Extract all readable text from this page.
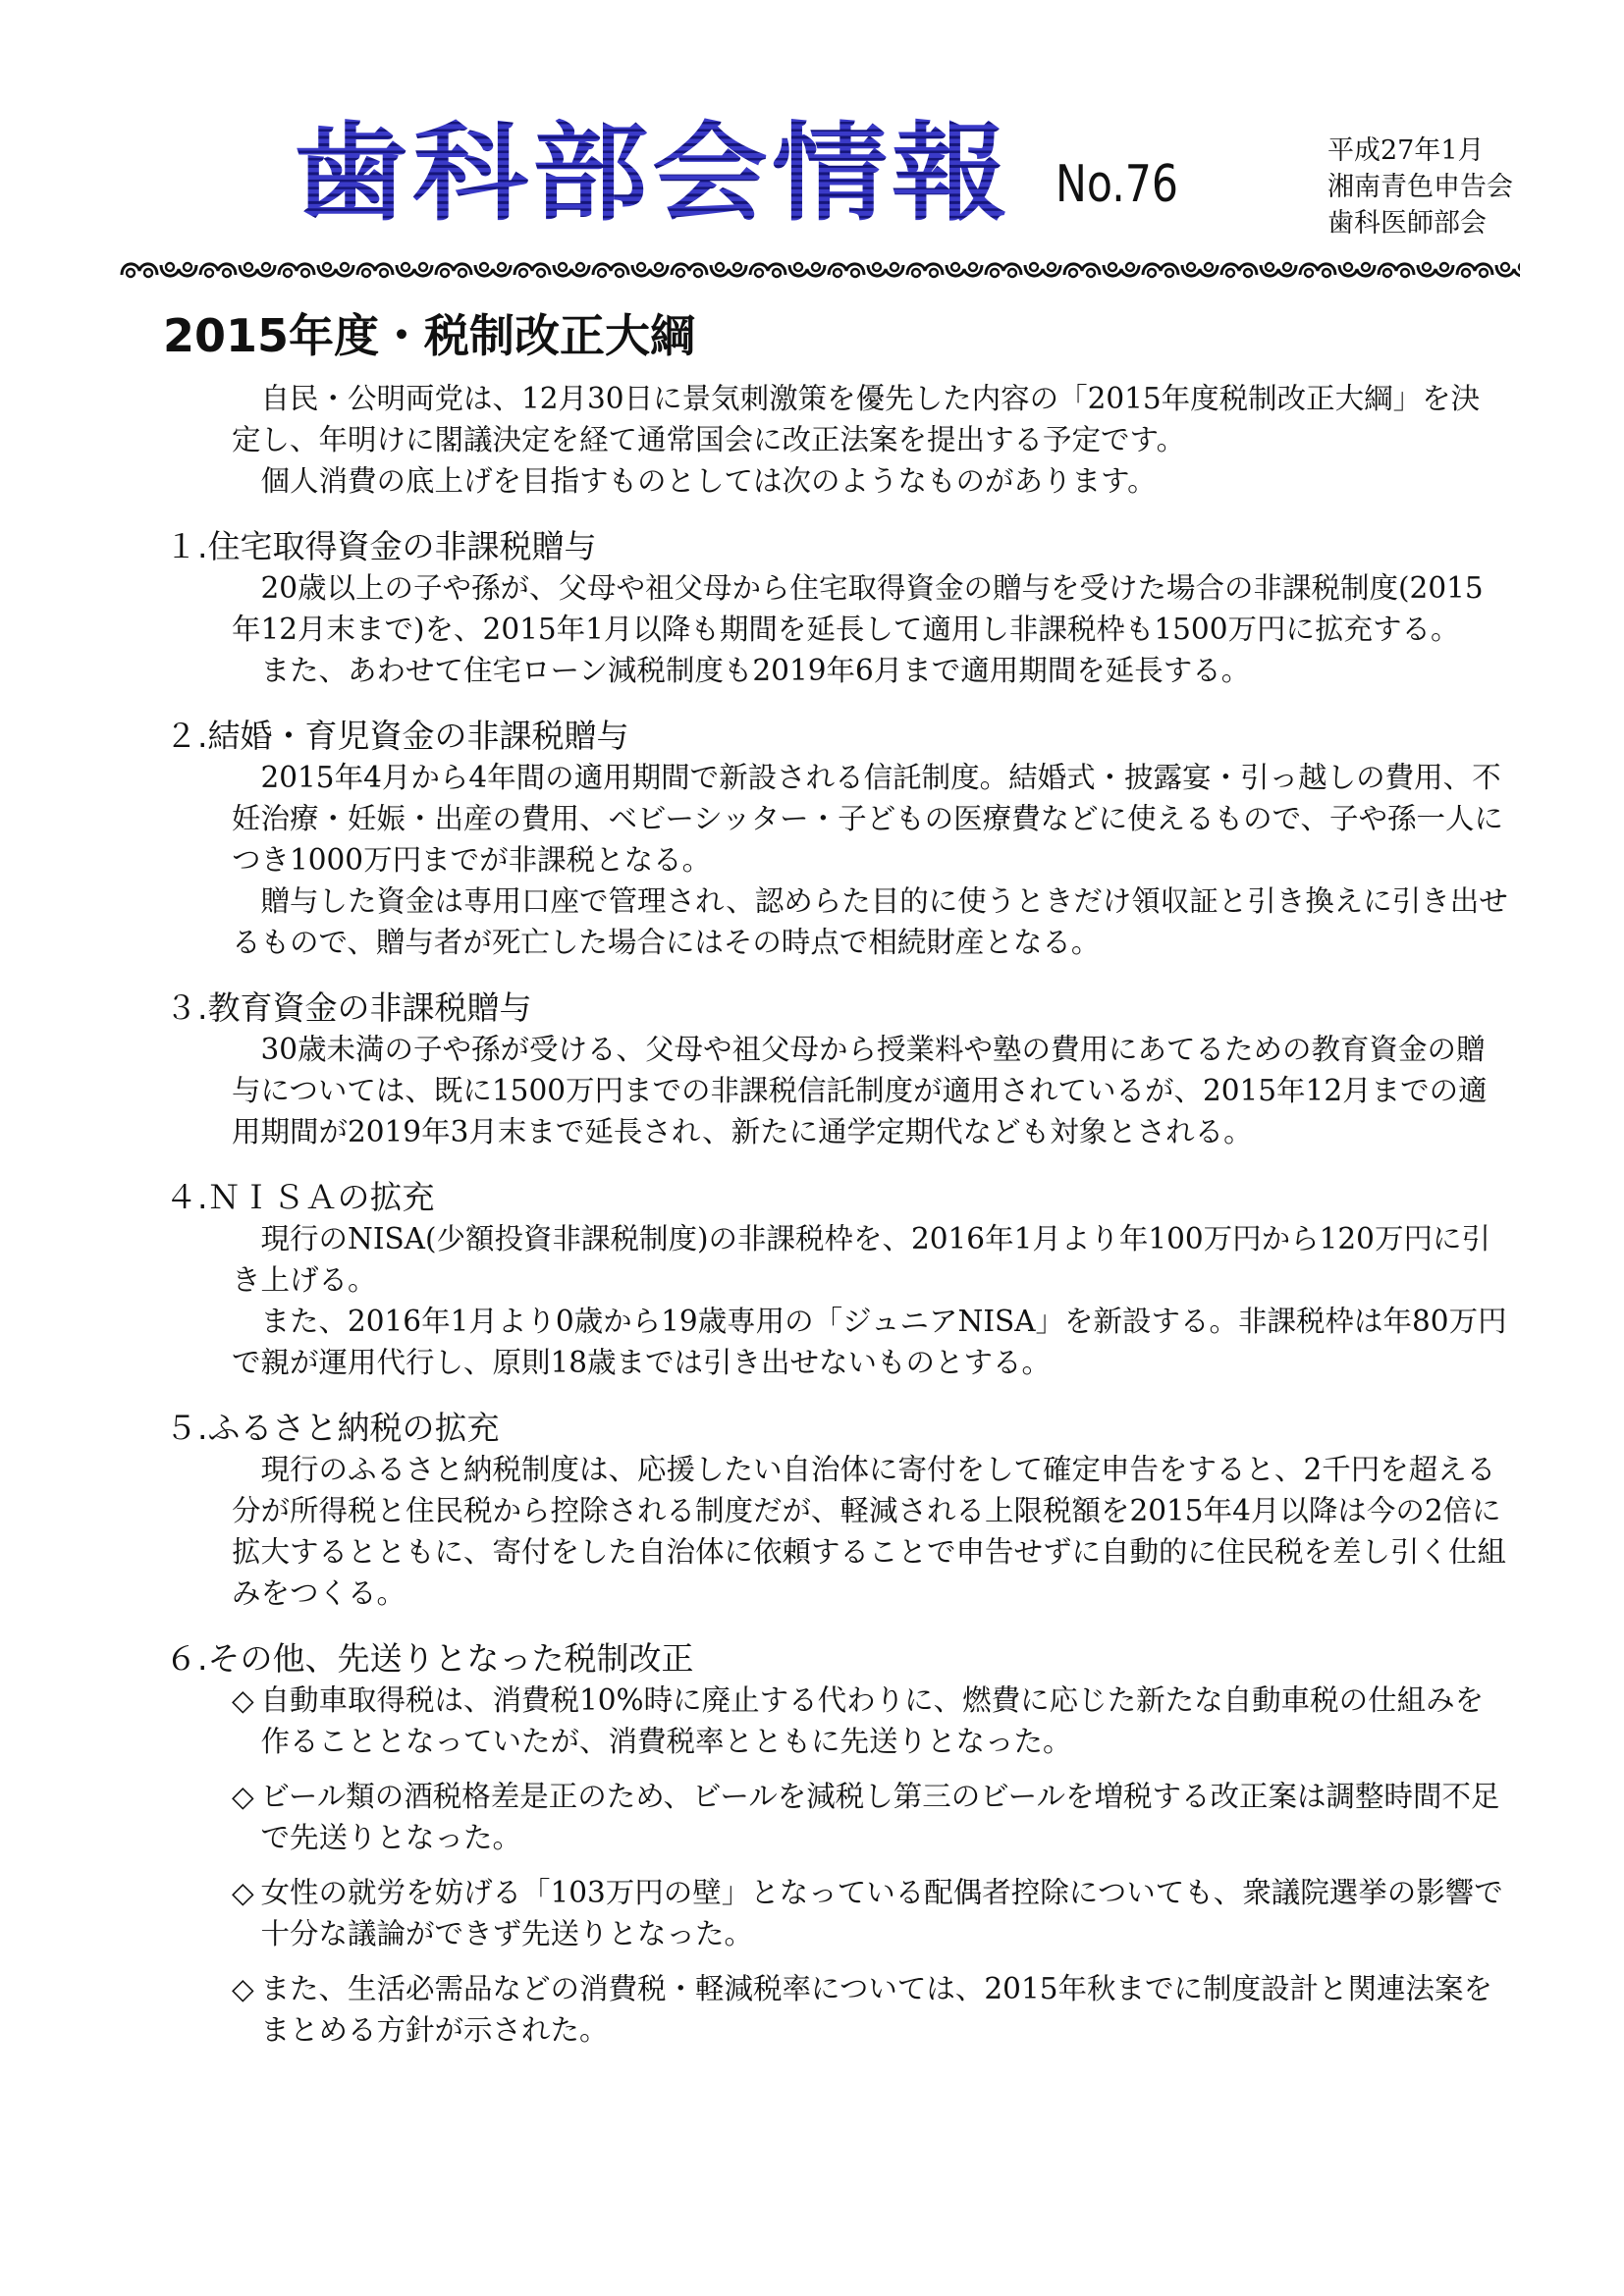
歯科部会情報 No.76
平成27年1月
湘南青色申告会
歯科医師部会
2015年度・税制改正大綱

自民・公明両党は、12月30日に景気刺激策を優先した内容の「2015年度税制改正大綱」を決定し、年明けに閣議決定を経て通常国会に改正法案を提出する予定です。

個人消費の底上げを目指すものとしては次のようなものがあります。

１.住宅取得資金の非課税贈与

20歳以上の子や孫が、父母や祖父母から住宅取得資金の贈与を受けた場合の非課税制度(2015年12月末まで)を、2015年1月以降も期間を延長して適用し非課税枠も1500万円に拡充する。

また、あわせて住宅ローン減税制度も2019年6月まで適用期間を延長する。

２.結婚・育児資金の非課税贈与

2015年4月から4年間の適用期間で新設される信託制度。結婚式・披露宴・引っ越しの費用、不妊治療・妊娠・出産の費用、ベビーシッター・子どもの医療費などに使えるもので、子や孫一人につき1000万円までが非課税となる。

贈与した資金は専用口座で管理され、認めらた目的に使うときだけ領収証と引き換えに引き出せるもので、贈与者が死亡した場合にはその時点で相続財産となる。

３.教育資金の非課税贈与

30歳未満の子や孫が受ける、父母や祖父母から授業料や塾の費用にあてるための教育資金の贈与については、既に1500万円までの非課税信託制度が適用されているが、2015年12月までの適用期間が2019年3月末まで延長され、新たに通学定期代なども対象とされる。

４.ＮＩＳＡの拡充

現行のNISA(少額投資非課税制度)の非課税枠を、2016年1月より年100万円から120万円に引き上げる。

また、2016年1月より0歳から19歳専用の「ジュニアNISA」を新設する。非課税枠は年80万円で親が運用代行し、原則18歳までは引き出せないものとする。

５.ふるさと納税の拡充

現行のふるさと納税制度は、応援したい自治体に寄付をして確定申告をすると、2千円を超える分が所得税と住民税から控除される制度だが、軽減される上限税額を2015年4月以降は今の2倍に拡大するとともに、寄付をした自治体に依頼することで申告せずに自動的に住民税を差し引く仕組みをつくる。

６.その他、先送りとなった税制改正
◇ 自動車取得税は、消費税10%時に廃止する代わりに、燃費に応じた新たな自動車税の仕組みを作ることとなっていたが、消費税率とともに先送りとなった。
◇ ビール類の酒税格差是正のため、ビールを減税し第三のビールを増税する改正案は調整時間不足で先送りとなった。
◇ 女性の就労を妨げる「103万円の壁」となっている配偶者控除についても、衆議院選挙の影響で十分な議論ができず先送りとなった。
◇ また、生活必需品などの消費税・軽減税率については、2015年秋までに制度設計と関連法案をまとめる方針が示された。
